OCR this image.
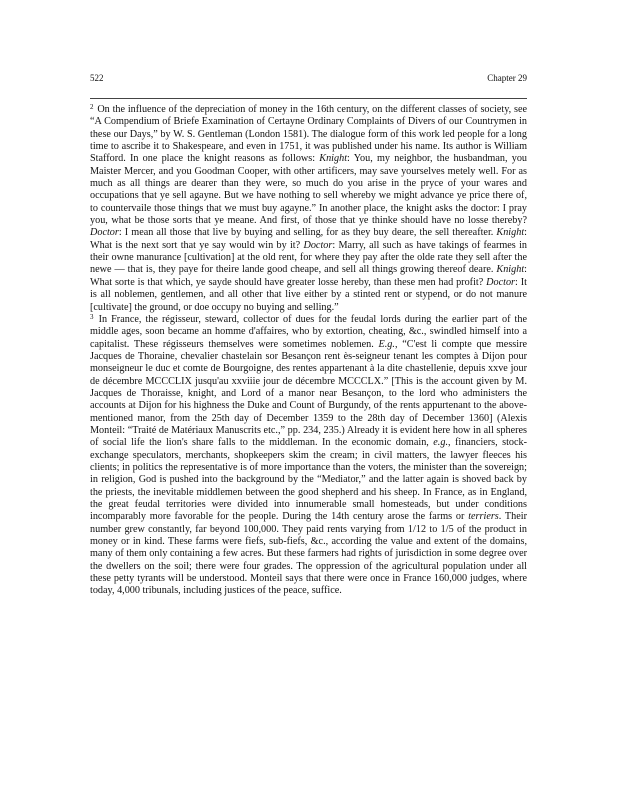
522	Chapter 29

$^2$ On the influence of the depreciation of money in the 16th century, on the different classes of society, see “A Compendium of Briefe Examination of Certayne Ordinary Complaints of Divers of our Countrymen in these our Days,” by W. S. Gentleman (London 1581). The dialogue form of this work led people for a long time to ascribe it to Shakespeare, and even in 1751, it was published under his name. Its author is William Stafford. In one place the knight reasons as follows: Knight: You, my neighbor, the husbandman, you Maister Mercer, and you Goodman Cooper, with other artificers, may save yourselves metely well. For as much as all things are dearer than they were, so much do you arise in the pryce of your wares and occupations that ye sell agayne. But we have nothing to sell whereby we might advance ye price there of, to countervaile those things that we must buy agayne.” In another place, the knight asks the doctor: I pray you, what be those sorts that ye meane. And first, of those that ye thinke should have no losse thereby? Doctor: I mean all those that live by buying and selling, for as they buy deare, the sell thereafter. Knight: What is the next sort that ye say would win by it? Doctor: Marry, all such as have takings of fearmes in their owne manurance [cultivation] at the old rent, for where they pay after the olde rate they sell after the newe — that is, they paye for theire lande good cheape, and sell all things growing thereof deare. Knight: What sorte is that which, ye sayde should have greater losse hereby, than these men had profit? Doctor: It is all noblemen, gentlemen, and all other that live either by a stinted rent or stypend, or do not manure [cultivate] the ground, or doe occupy no buying and selling.”

$^3$ In France, the régisseur, steward, collector of dues for the feudal lords during the earlier part of the middle ages, soon became an homme d'affaires, who by extortion, cheating, &c., swindled himself into a capitalist. These régisseurs themselves were sometimes noblemen. E.g., “C'est li compte que messire Jacques de Thoraine, chevalier chastelain sor Besançon rent ès-seigneur tenant les comptes à Dijon pour monseigneur le duc et comte de Bourgoigne, des rentes appartenant à la dite chastellenie, depuis xxve jour de décembre MCCCLIX jusqu'au xxviiie jour de décembre MCCCLX.” [This is the account given by M. Jacques de Thoraisse, knight, and Lord of a manor near Besançon, to the lord who administers the accounts at Dijon for his highness the Duke and Count of Burgundy, of the rents appurtenant to the above-mentioned manor, from the 25th day of December 1359 to the 28th day of December 1360] (Alexis Monteil: “Traité de Matériaux Manuscrits etc.,” pp. 234, 235.) Already it is evident here how in all spheres of social life the lion's share falls to the middleman. In the economic domain, e.g., financiers, stock-exchange speculators, merchants, shopkeepers skim the cream; in civil matters, the lawyer fleeces his clients; in politics the representative is of more importance than the voters, the minister than the sovereign; in religion, God is pushed into the background by the “Mediator,” and the latter again is shoved back by the priests, the inevitable middlemen between the good shepherd and his sheep. In France, as in England, the great feudal territories were divided into innumerable small homesteads, but under conditions incomparably more favorable for the people. During the 14th century arose the farms or terriers. Their number grew constantly, far beyond 100,000. They paid rents varying from 1/12 to 1/5 of the product in money or in kind. These farms were fiefs, sub-fiefs, &c., according the value and extent of the domains, many of them only containing a few acres. But these farmers had rights of jurisdiction in some degree over the dwellers on the soil; there were four grades. The oppression of the agricultural population under all these petty tyrants will be understood. Monteil says that there were once in France 160,000 judges, where today, 4,000 tribunals, including justices of the peace, suffice.
